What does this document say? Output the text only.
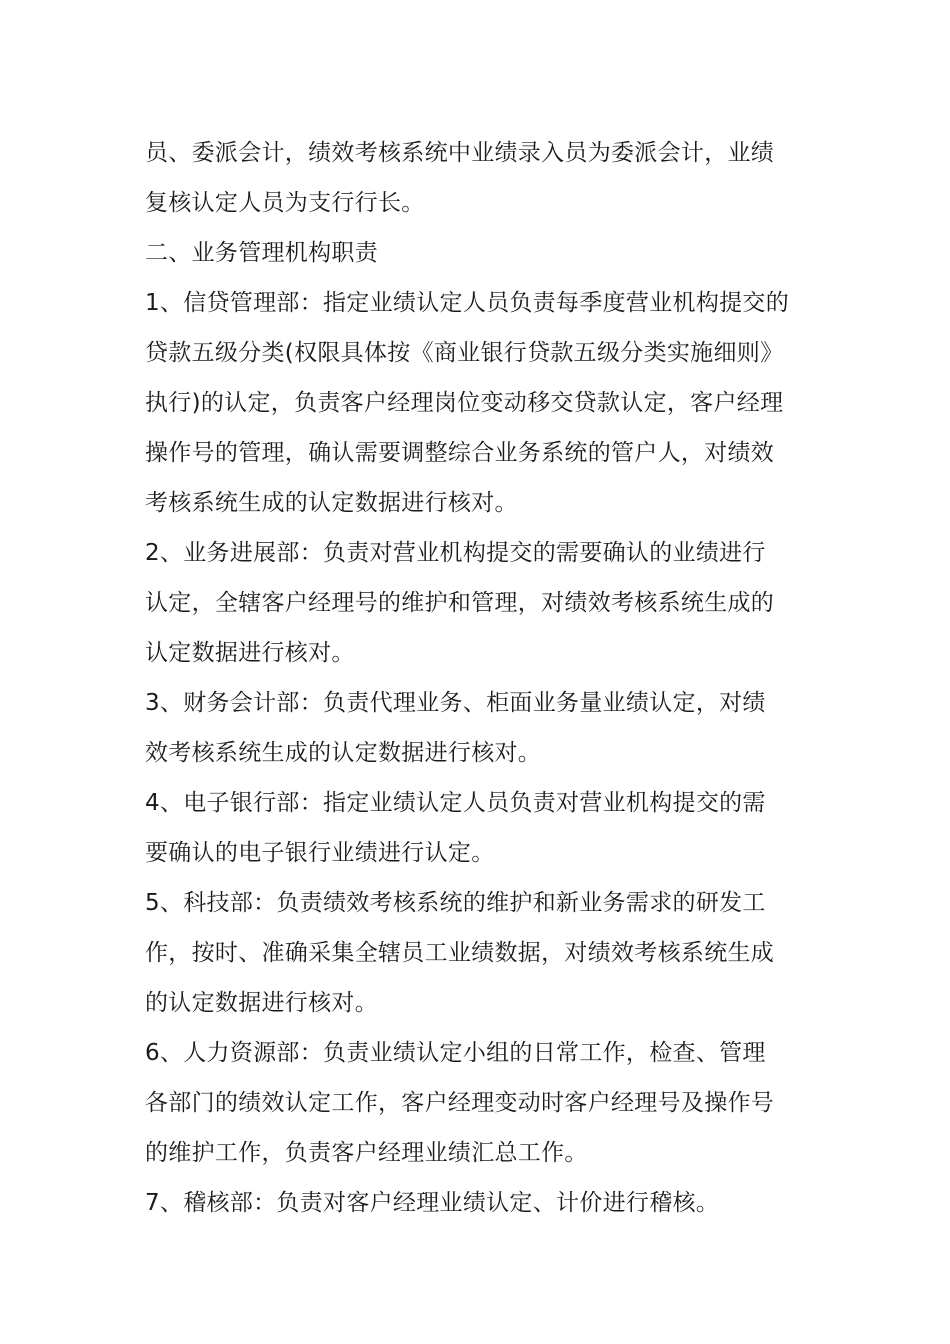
员、委派会计，绩效考核系统中业绩录入员为委派会计，业绩
复核认定人员为支行行长。
二、业务管理机构职责
1、信贷管理部：指定业绩认定人员负责每季度营业机构提交的
贷款五级分类(权限具体按《商业银行贷款五级分类实施细则》
执行)的认定，负责客户经理岗位变动移交贷款认定，客户经理
操作号的管理，确认需要调整综合业务系统的管户人，对绩效
考核系统生成的认定数据进行核对。
2、业务进展部：负责对营业机构提交的需要确认的业绩进行
认定，全辖客户经理号的维护和管理，对绩效考核系统生成的
认定数据进行核对。
3、财务会计部：负责代理业务、柜面业务量业绩认定，对绩
效考核系统生成的认定数据进行核对。
4、电子银行部：指定业绩认定人员负责对营业机构提交的需
要确认的电子银行业绩进行认定。
5、科技部：负责绩效考核系统的维护和新业务需求的研发工
作，按时、准确采集全辖员工业绩数据，对绩效考核系统生成
的认定数据进行核对。
6、人力资源部：负责业绩认定小组的日常工作，检查、管理
各部门的绩效认定工作，客户经理变动时客户经理号及操作号
的维护工作，负责客户经理业绩汇总工作。
7、稽核部：负责对客户经理业绩认定、计价进行稽核。
